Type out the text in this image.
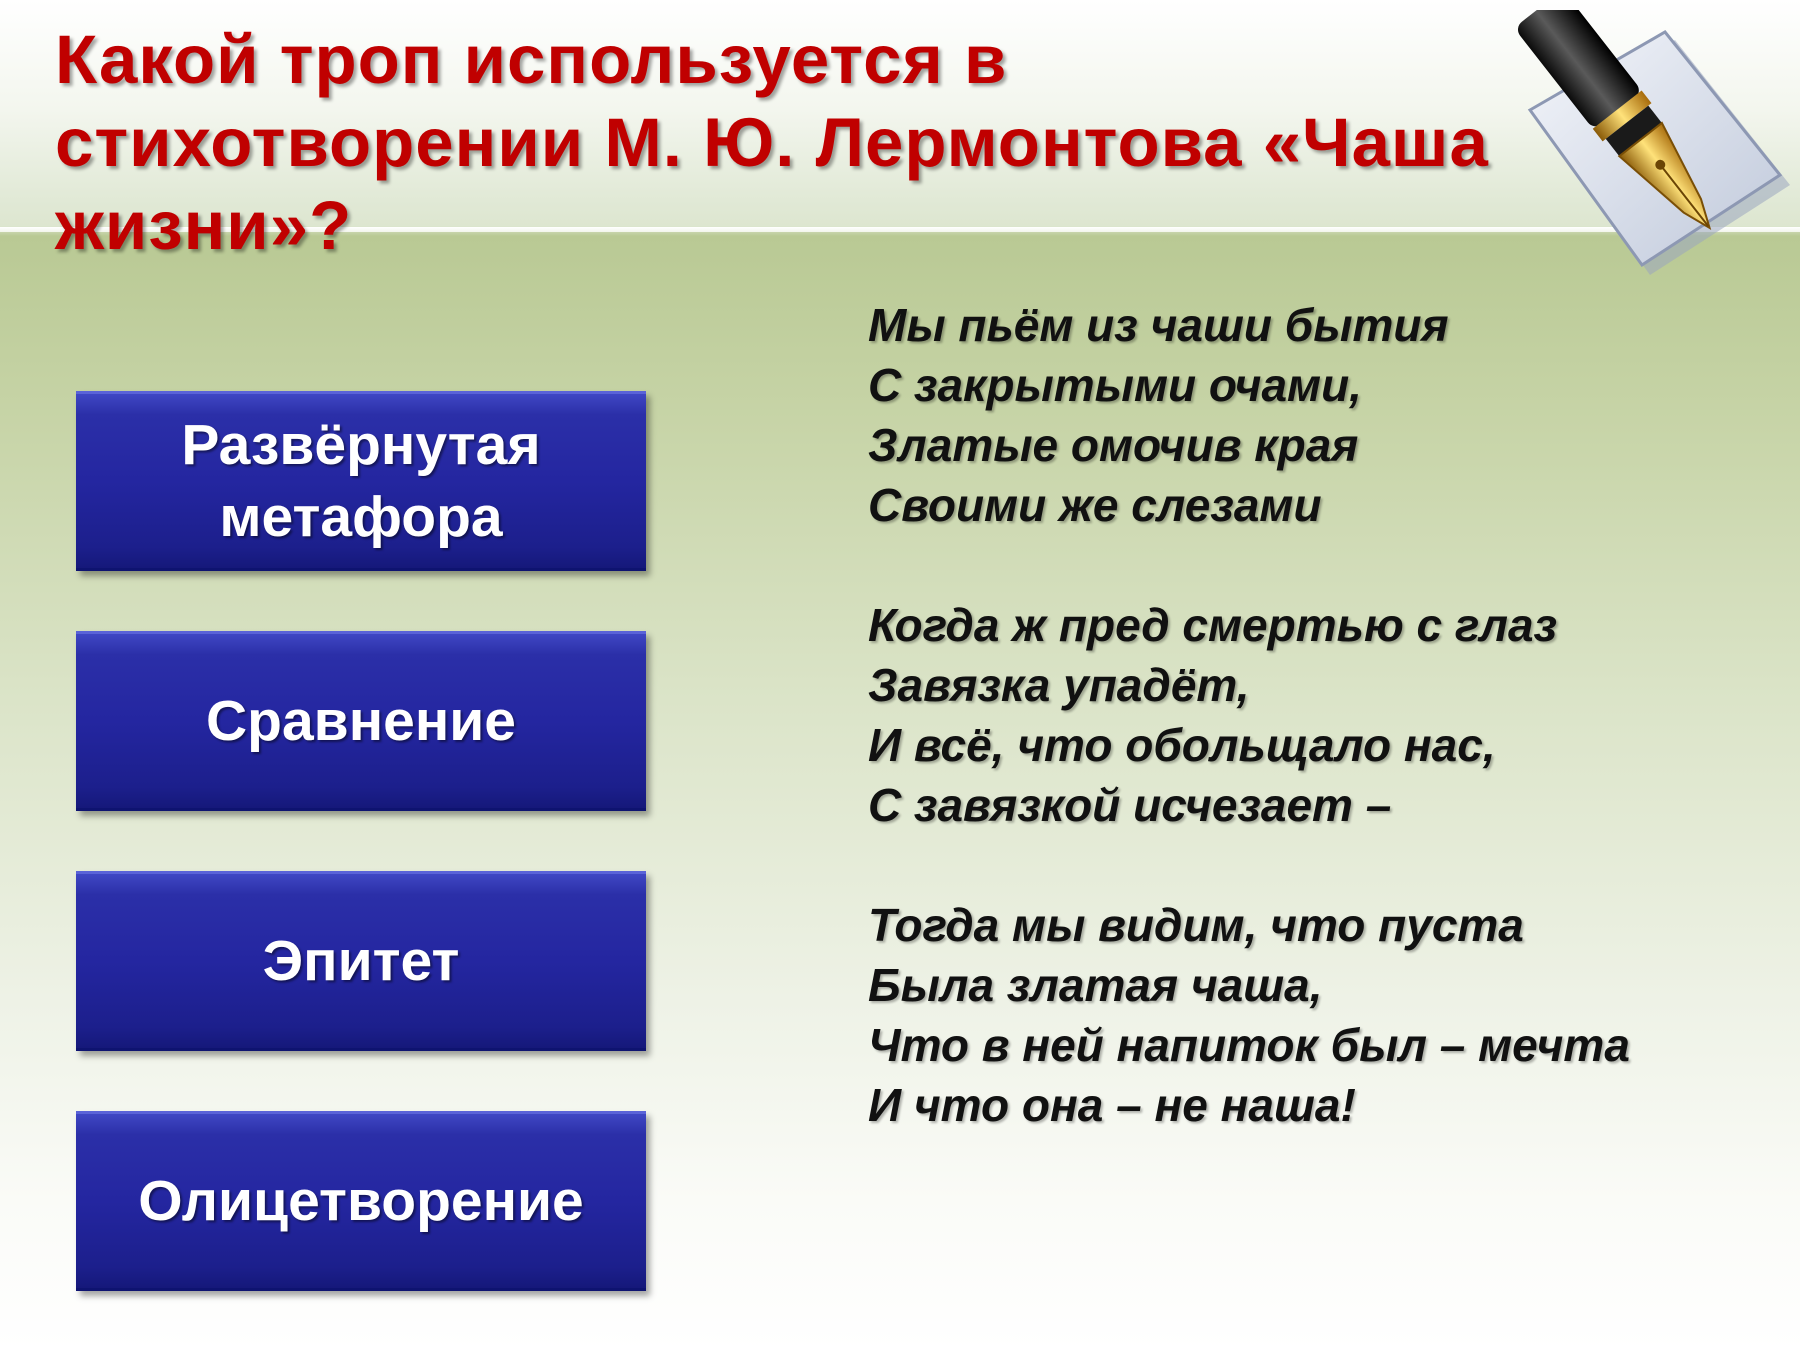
Какой троп используется в стихотворении М. Ю. Лермонтова «Чаша жизни»?
Развёрнутая метафора
Сравнение
Эпитет
Олицетворение
Мы пьём из чаши бытия
С закрытыми очами,
Златые омочив края
Своими же слезами
Когда ж пред смертью с глаз
Завязка упадёт,
И всё, что обольщало нас,
С завязкой исчезает –
Тогда мы видим, что пуста
Была златая чаша,
Что в ней напиток был – мечта
И что она – не наша!
